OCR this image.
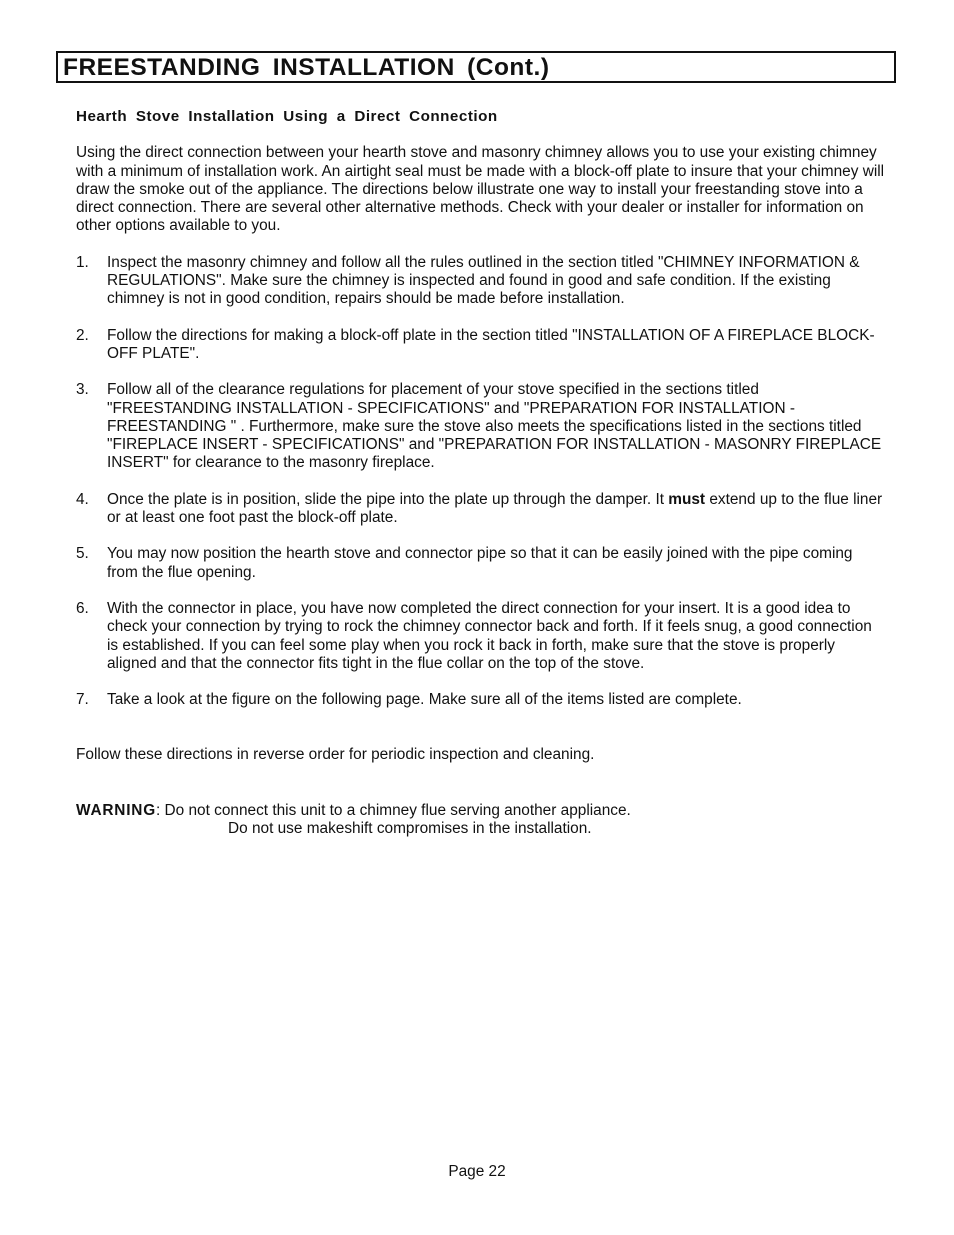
FREESTANDING INSTALLATION (Cont.)
Hearth Stove Installation Using a Direct Connection

Using the direct connection between your hearth stove and masonry chimney allows you to use your existing chimney with a minimum of installation work. An airtight seal must be made with a block-off plate to insure that your chimney will draw the smoke out of the appliance. The directions below illustrate one way to install your freestanding stove into a direct connection. There are several other alternative methods. Check with your dealer or installer for information on other options available to you.

1. Inspect the masonry chimney and follow all the rules outlined in the section titled "CHIMNEY INFORMATION & REGULATIONS". Make sure the chimney is inspected and found in good and safe condition. If the existing chimney is not in good condition, repairs should be made before installation.
2. Follow the directions for making a block-off plate in the section titled "INSTALLATION OF A FIREPLACE BLOCK-OFF PLATE".
3. Follow all of the clearance regulations for placement of your stove specified in the sections titled "FREESTANDING INSTALLATION - SPECIFICATIONS" and "PREPARATION FOR INSTALLATION - FREESTANDING " . Furthermore, make sure the stove also meets the specifications listed in the sections titled "FIREPLACE INSERT - SPECIFICATIONS" and "PREPARATION FOR INSTALLATION - MASONRY FIREPLACE INSERT" for clearance to the masonry fireplace.
4. Once the plate is in position, slide the pipe into the plate up through the damper. It must extend up to the flue liner or at least one foot past the block-off plate.
5. You may now position the hearth stove and connector pipe so that it can be easily joined with the pipe coming from the flue opening.
6. With the connector in place, you have now completed the direct connection for your insert. It is a good idea to check your connection by trying to rock the chimney connector back and forth. If it feels snug, a good connection is established. If you can feel some play when you rock it back in forth, make sure that the stove is properly aligned and that the connector fits tight in the flue collar on the top of the stove.
7. Take a look at the figure on the following page. Make sure all of the items listed are complete.

Follow these directions in reverse order for periodic inspection and cleaning.

WARNING: Do not connect this unit to a chimney flue serving another appliance.
Do not use makeshift compromises in the installation.
Page 22
